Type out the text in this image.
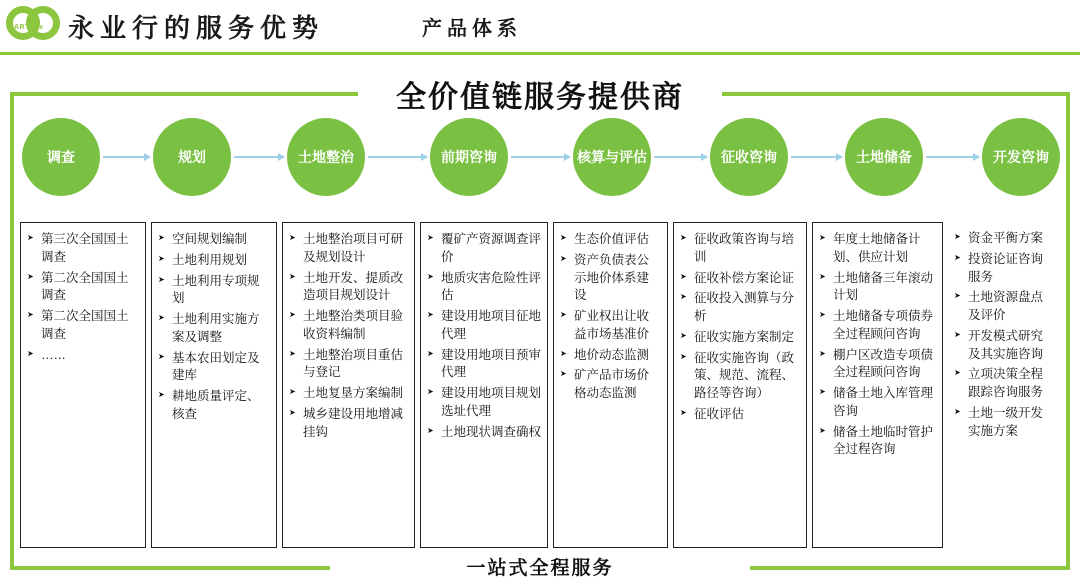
ART six 永业行的服务优势	产品体系
全价值链服务提供商
一站式全程服务
调查	规划	土地整治	前期咨询	核算与评估	征收咨询	土地储备	开发咨询
➤ 第三次全国国土调查
➤ 第二次全国国土调查
➤ 第二次全国国土调查
➤ ……
➤ 空间规划编制
➤ 土地利用规划
➤ 土地利用专项规划
➤ 土地利用实施方案及调整
➤ 基本农田划定及建库
➤ 耕地质量评定、核查
➤ 土地整治项目可研及规划设计
➤ 土地开发、提质改造项目规划设计
➤ 土地整治类项目验收资料编制
➤ 土地整治项目重估与登记
➤ 土地复垦方案编制
➤ 城乡建设用地增减挂钩
➤ 覆矿产资源调查评价
➤ 地质灾害危险性评估
➤ 建设用地项目征地代理
➤ 建设用地项目预审代理
➤ 建设用地项目规划选址代理
➤ 土地现状调查确权
➤ 生态价值评估
➤ 资产负债表公示地价体系建设
➤ 矿业权出让收益市场基准价
➤ 地价动态监测
➤ 矿产品市场价格动态监测
➤ 征收政策咨询与培训
➤ 征收补偿方案论证
➤ 征收投入测算与分析
➤ 征收实施方案制定
➤ 征收实施咨询（政策、规范、流程、路径等咨询）
➤ 征收评估
➤ 年度土地储备计划、供应计划
➤ 土地储备三年滚动计划
➤ 土地储备专项债券全过程顾问咨询
➤ 棚户区改造专项债全过程顾问咨询
➤ 储备土地入库管理咨询
➤ 储备土地临时管护全过程咨询
➤ 资金平衡方案
➤ 投资论证咨询服务
➤ 土地资源盘点及评价
➤ 开发模式研究及其实施咨询
➤ 立项决策全程跟踪咨询服务
➤ 土地一级开发实施方案
